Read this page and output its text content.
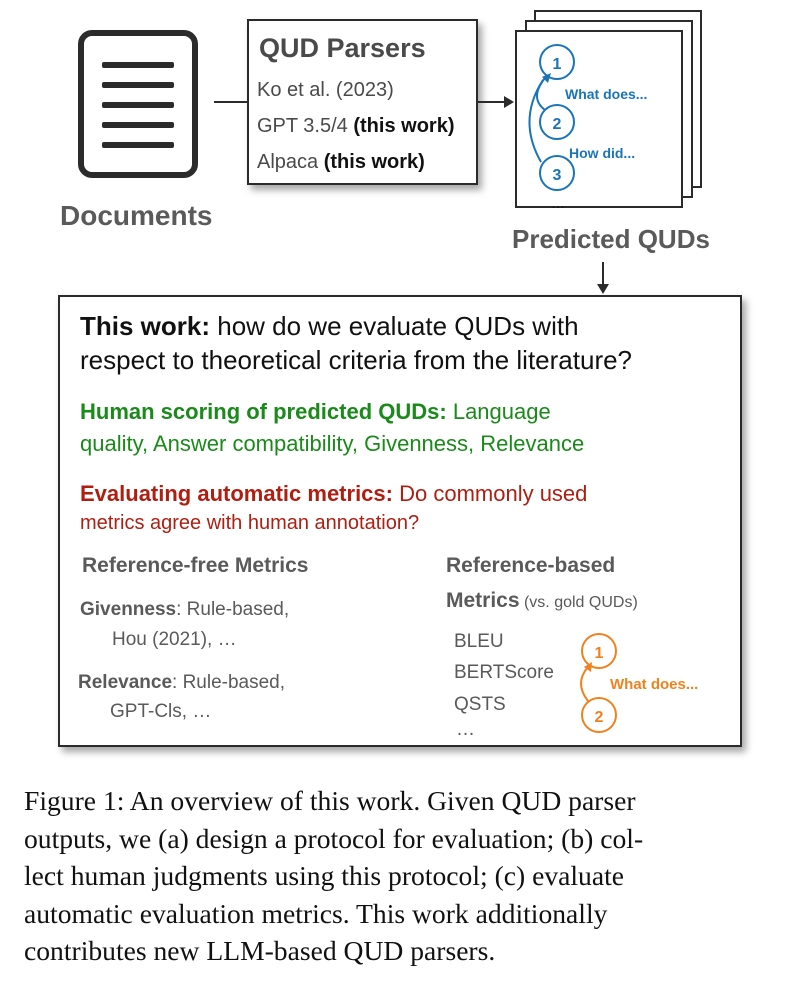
Documents
QUD Parsers
Ko et al. (2023)
GPT 3.5/4 (this work)
Alpaca (this work)
1
2
3
What does...
How did...
…
Predicted QUDs
This work: how do we evaluate QUDs with
respect to theoretical criteria from the literature?
Human scoring of predicted QUDs: Language
quality, Answer compatibility, Givenness, Relevance
Evaluating automatic metrics: Do commonly used
metrics agree with human annotation?
Reference-free Metrics
Givenness: Rule-based,
Hou (2021), …
Relevance: Rule-based,
GPT-Cls, …
Reference-based
Metrics (vs. gold QUDs)
BLEU
BERTScore
QSTS
…
1
2
What does...
Figure 1: An overview of this work. Given QUD parser
outputs, we (a) design a protocol for evaluation; (b) col-
lect human judgments using this protocol; (c) evaluate
automatic evaluation metrics. This work additionally
contributes new LLM-based QUD parsers.
